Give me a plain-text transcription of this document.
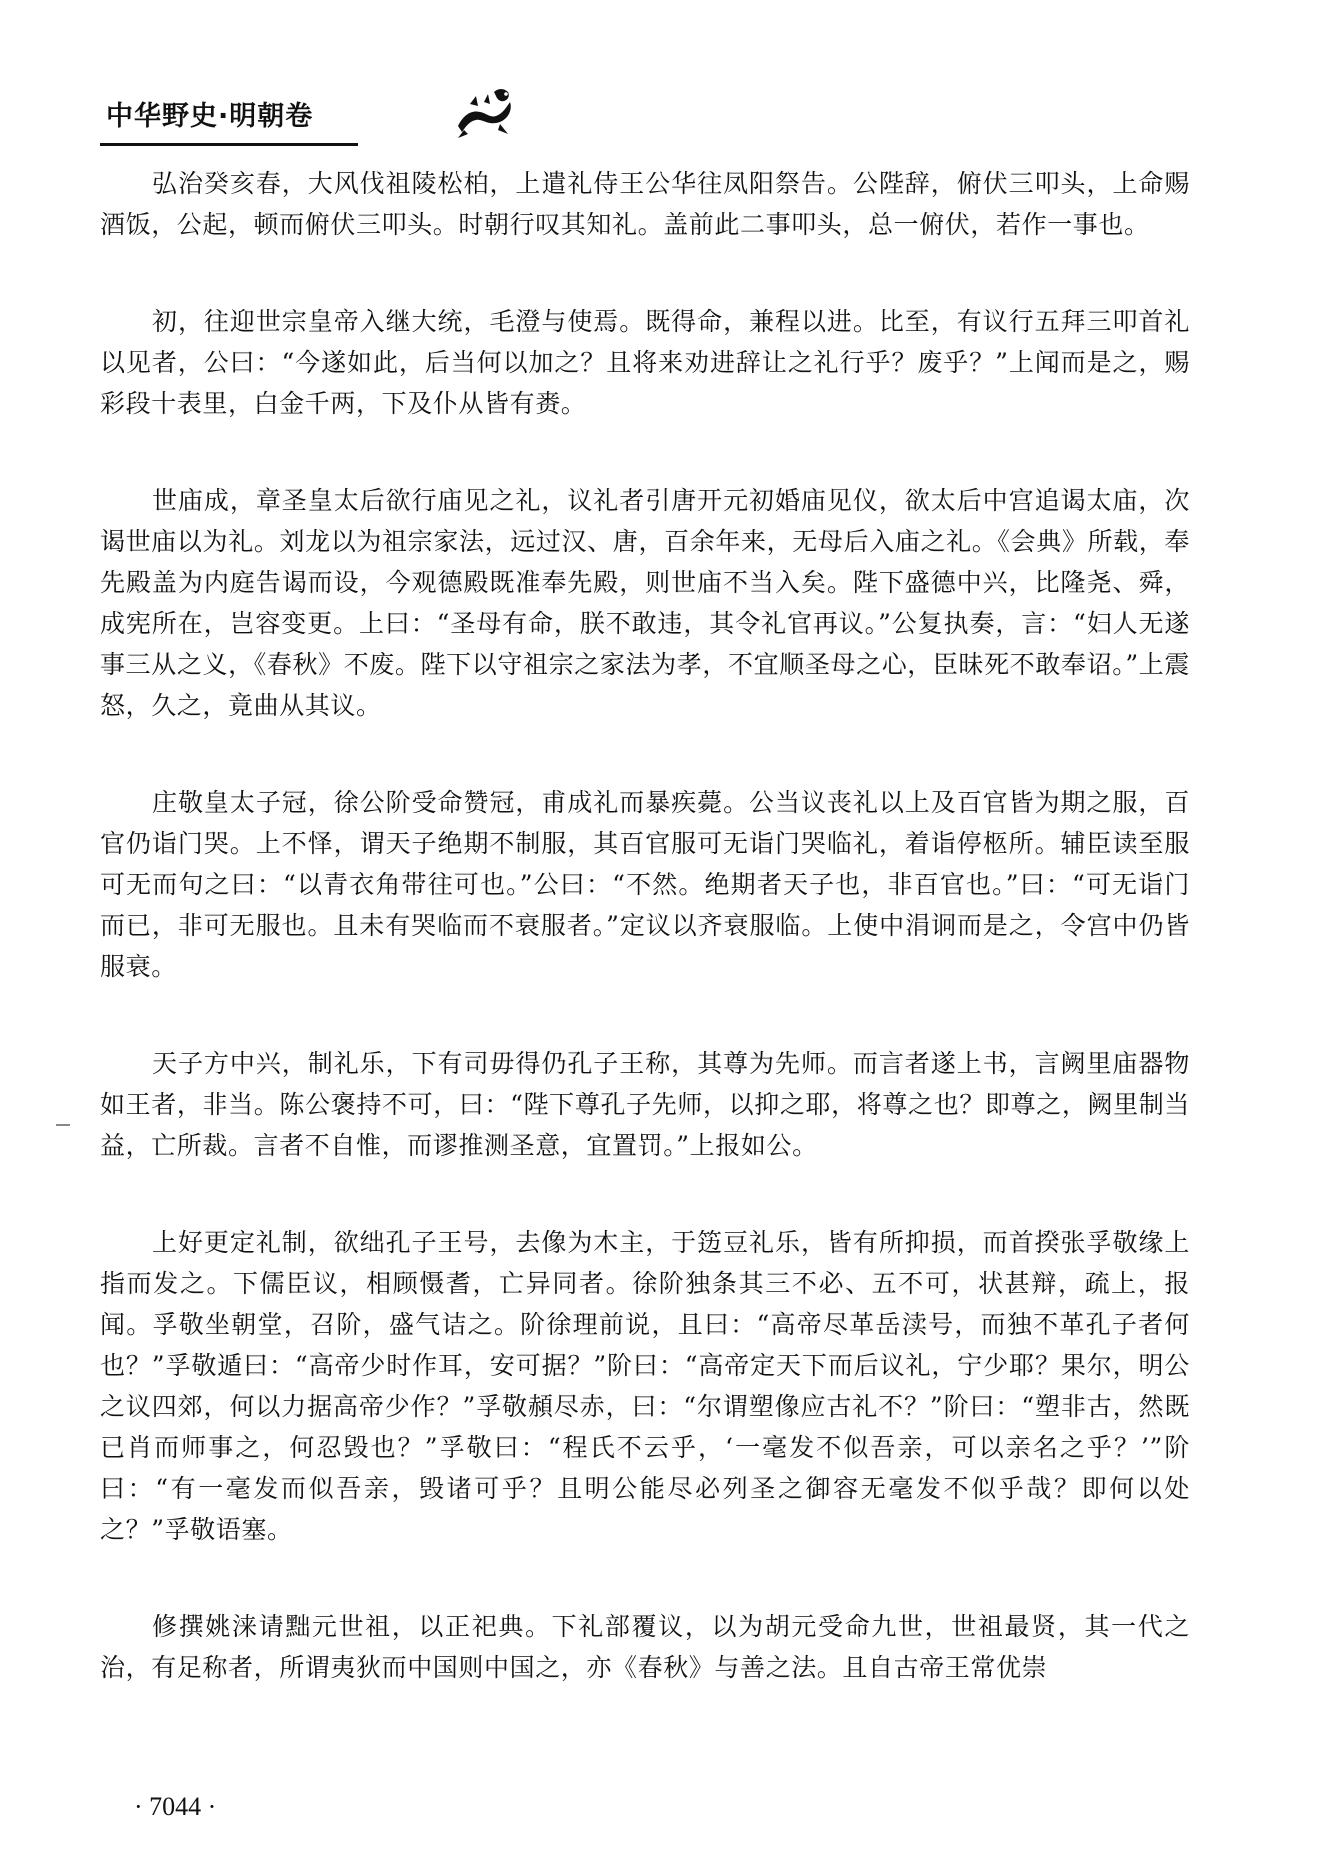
中华野史·明朝卷

弘治癸亥春，大风伐祖陵松柏，上遣礼侍王公华往凤阳祭告。公陛辞，俯伏三叩头，上命赐酒饭，公起，顿而俯伏三叩头。时朝行叹其知礼。盖前此二事叩头，总一俯伏，若作一事也。

初，往迎世宗皇帝入继大统，毛澄与使焉。既得命，兼程以进。比至，有议行五拜三叩首礼以见者，公曰：“今遂如此，后当何以加之？且将来劝进辞让之礼行乎？废乎？”上闻而是之，赐彩段十表里，白金千两，下及仆从皆有赉。

世庙成，章圣皇太后欲行庙见之礼，议礼者引唐开元初婚庙见仪，欲太后中宫追谒太庙，次谒世庙以为礼。刘龙以为祖宗家法，远过汉、唐，百余年来，无母后入庙之礼。《会典》所载，奉先殿盖为内庭告谒而设，今观德殿既准奉先殿，则世庙不当入矣。陛下盛德中兴，比隆尧、舜，成宪所在，岂容变更。上曰：“圣母有命，朕不敢违，其令礼官再议。”公复执奏，言：“妇人无遂事三从之义，《春秋》不废。陛下以守祖宗之家法为孝，不宜顺圣母之心，臣昧死不敢奉诏。”上震怒，久之，竟曲从其议。

庄敬皇太子冠，徐公阶受命赞冠，甫成礼而暴疾薨。公当议丧礼以上及百官皆为期之服，百官仍诣门哭。上不怿，谓天子绝期不制服，其百官服可无诣门哭临礼，着诣停柩所。辅臣读至服可无而句之曰：“以青衣角带往可也。”公曰：“不然。绝期者天子也，非百官也。”曰：“可无诣门而已，非可无服也。且未有哭临而不衰服者。”定议以齐衰服临。上使中涓诇而是之，令宫中仍皆服衰。

天子方中兴，制礼乐，下有司毋得仍孔子王称，其尊为先师。而言者遂上书，言阙里庙器物如王者，非当。陈公褒持不可，曰：“陛下尊孔子先师，以抑之耶，将尊之也？即尊之，阙里制当益，亡所裁。言者不自惟，而谬推测圣意，宜置罚。”上报如公。

上好更定礼制，欲绌孔子王号，去像为木主，于笾豆礼乐，皆有所抑损，而首揆张孚敬缘上指而发之。下儒臣议，相顾慑耆，亡异同者。徐阶独条其三不必、五不可，状甚辩，疏上，报闻。孚敬坐朝堂，召阶，盛气诘之。阶徐理前说，且曰：“高帝尽革岳渎号，而独不革孔子者何也？”孚敬遁曰：“高帝少时作耳，安可据？”阶曰：“高帝定天下而后议礼，宁少耶？果尔，明公之议四郊，何以力据高帝少作？”孚敬頳尽赤，曰：“尔谓塑像应古礼不？”阶曰：“塑非古，然既已肖而师事之，何忍毁也？”孚敬曰：“程氏不云乎，‘一毫发不似吾亲，可以亲名之乎？’”阶曰：“有一毫发而似吾亲，毁诸可乎？且明公能尽必列圣之御容无毫发不似乎哉？即何以处之？”孚敬语塞。

修撰姚涞请黜元世祖，以正祀典。下礼部覆议，以为胡元受命九世，世祖最贤，其一代之治，有足称者，所谓夷狄而中国则中国之，亦《春秋》与善之法。且自古帝王常优崇

· 7044 ·
